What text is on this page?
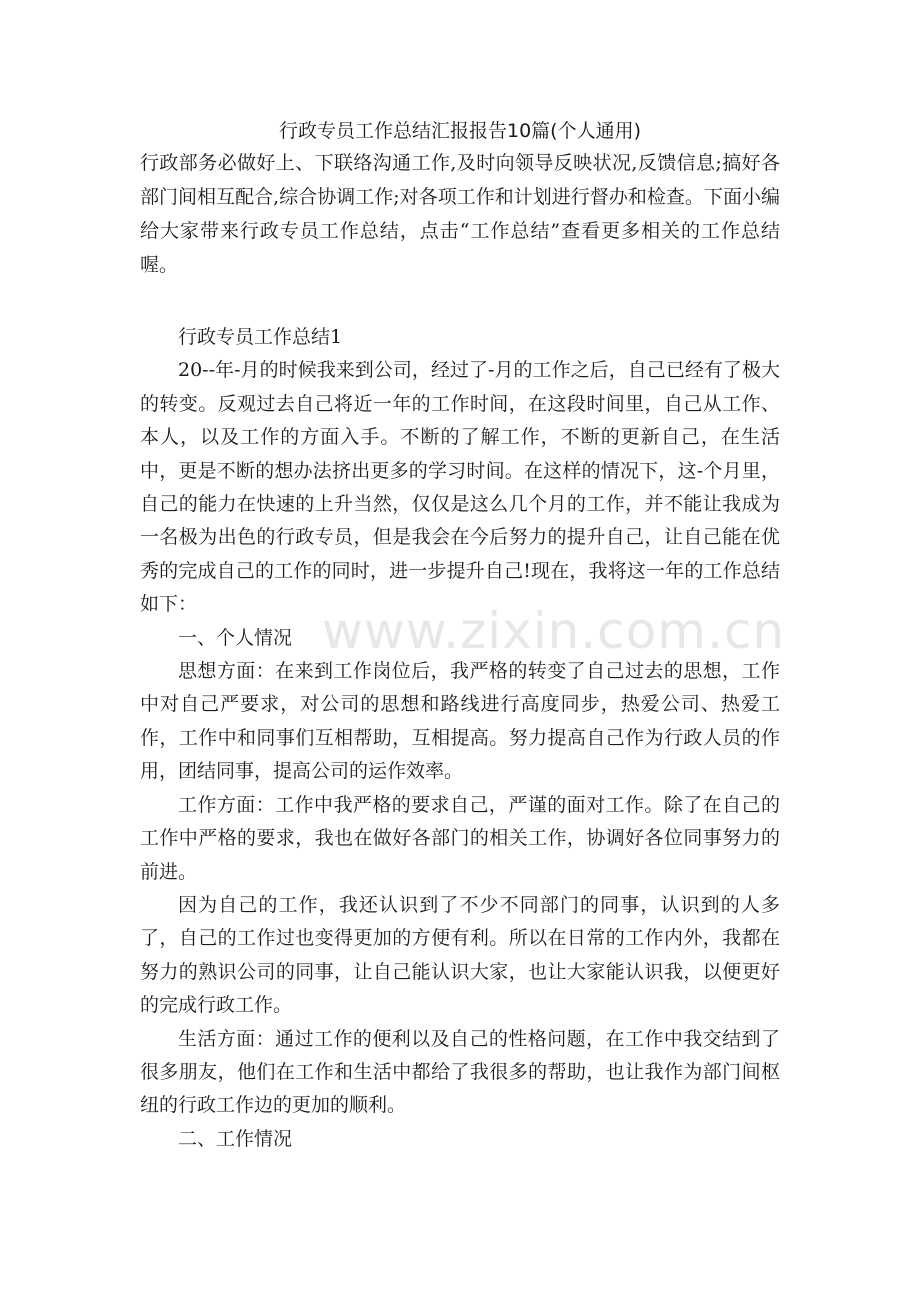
行政专员工作总结汇报报告10篇(个人通用)
行政部务必做好上、下联络沟通工作,及时向领导反映状况,反馈信息;搞好各部门间相互配合,综合协调工作;对各项工作和计划进行督办和检查。下面小编给大家带来行政专员工作总结，点击“工作总结”查看更多相关的工作总结喔。

行政专员工作总结1

20--年-月的时候我来到公司，经过了-月的工作之后，自己已经有了极大的转变。反观过去自己将近一年的工作时间，在这段时间里，自己从工作、本人，以及工作的方面入手。不断的了解工作，不断的更新自己，在生活中，更是不断的想办法挤出更多的学习时间。在这样的情况下，这-个月里，自己的能力在快速的上升当然，仅仅是这么几个月的工作，并不能让我成为一名极为出色的行政专员，但是我会在今后努力的提升自己，让自己能在优秀的完成自己的工作的同时，进一步提升自己!现在，我将这一年的工作总结如下：

一、个人情况

思想方面：在来到工作岗位后，我严格的转变了自己过去的思想，工作中对自己严要求，对公司的思想和路线进行高度同步，热爱公司、热爱工作，工作中和同事们互相帮助，互相提高。努力提高自己作为行政人员的作用，团结同事，提高公司的运作效率。

工作方面：工作中我严格的要求自己，严谨的面对工作。除了在自己的工作中严格的要求，我也在做好各部门的相关工作，协调好各位同事努力的前进。

因为自己的工作，我还认识到了不少不同部门的同事，认识到的人多了，自己的工作过也变得更加的方便有利。所以在日常的工作内外，我都在努力的熟识公司的同事，让自己能认识大家，也让大家能认识我，以便更好的完成行政工作。

生活方面：通过工作的便利以及自己的性格问题，在工作中我交结到了很多朋友，他们在工作和生活中都给了我很多的帮助，也让我作为部门间枢纽的行政工作边的更加的顺利。

二、工作情况

www.zixin.com.cn
